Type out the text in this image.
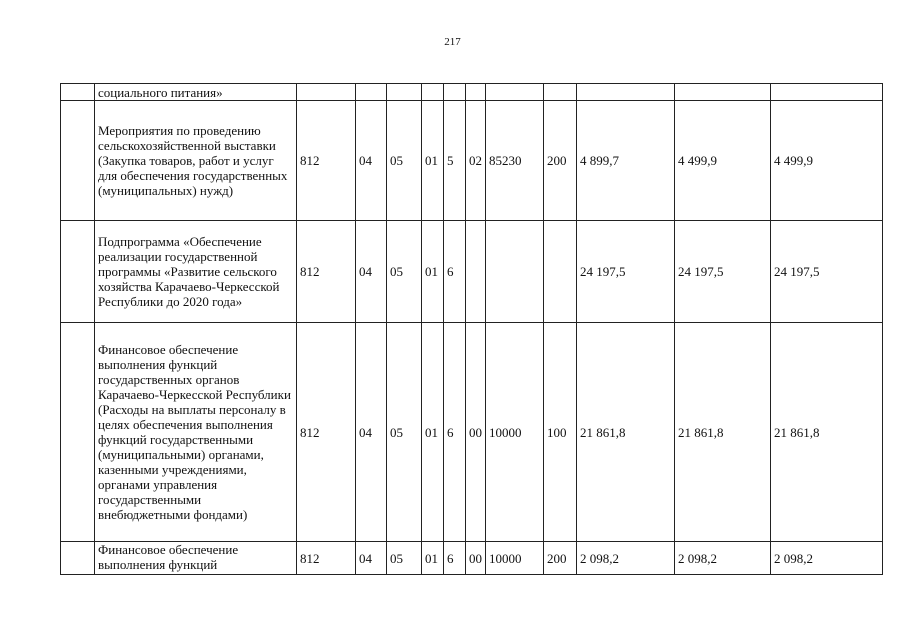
217
	социального питания»											
	Мероприятия по проведению сельскохозяйственной выставки (Закупка товаров, работ и услуг для обеспечения государственных (муниципальных) нужд)	812	04	05	01	5	02	85230	200	4 899,7	4 499,9	4 499,9
	Подпрограмма «Обеспечение реализации государственной программы «Развитие сельского хозяйства Карачаево-Черкесской Республики до 2020 года»	812	04	05	01	6				24 197,5	24 197,5	24 197,5
	Финансовое обеспечение выполнения функций государственных органов Карачаево-Черкесской Республики (Расходы на выплаты персоналу в целях обеспечения выполнения функций государственными (муниципальными) органами, казенными учреждениями, органами управления государственными внебюджетными фондами)	812	04	05	01	6	00	10000	100	21 861,8	21 861,8	21 861,8
	Финансовое обеспечение выполнения функций	812	04	05	01	6	00	10000	200	2 098,2	2 098,2	2 098,2
